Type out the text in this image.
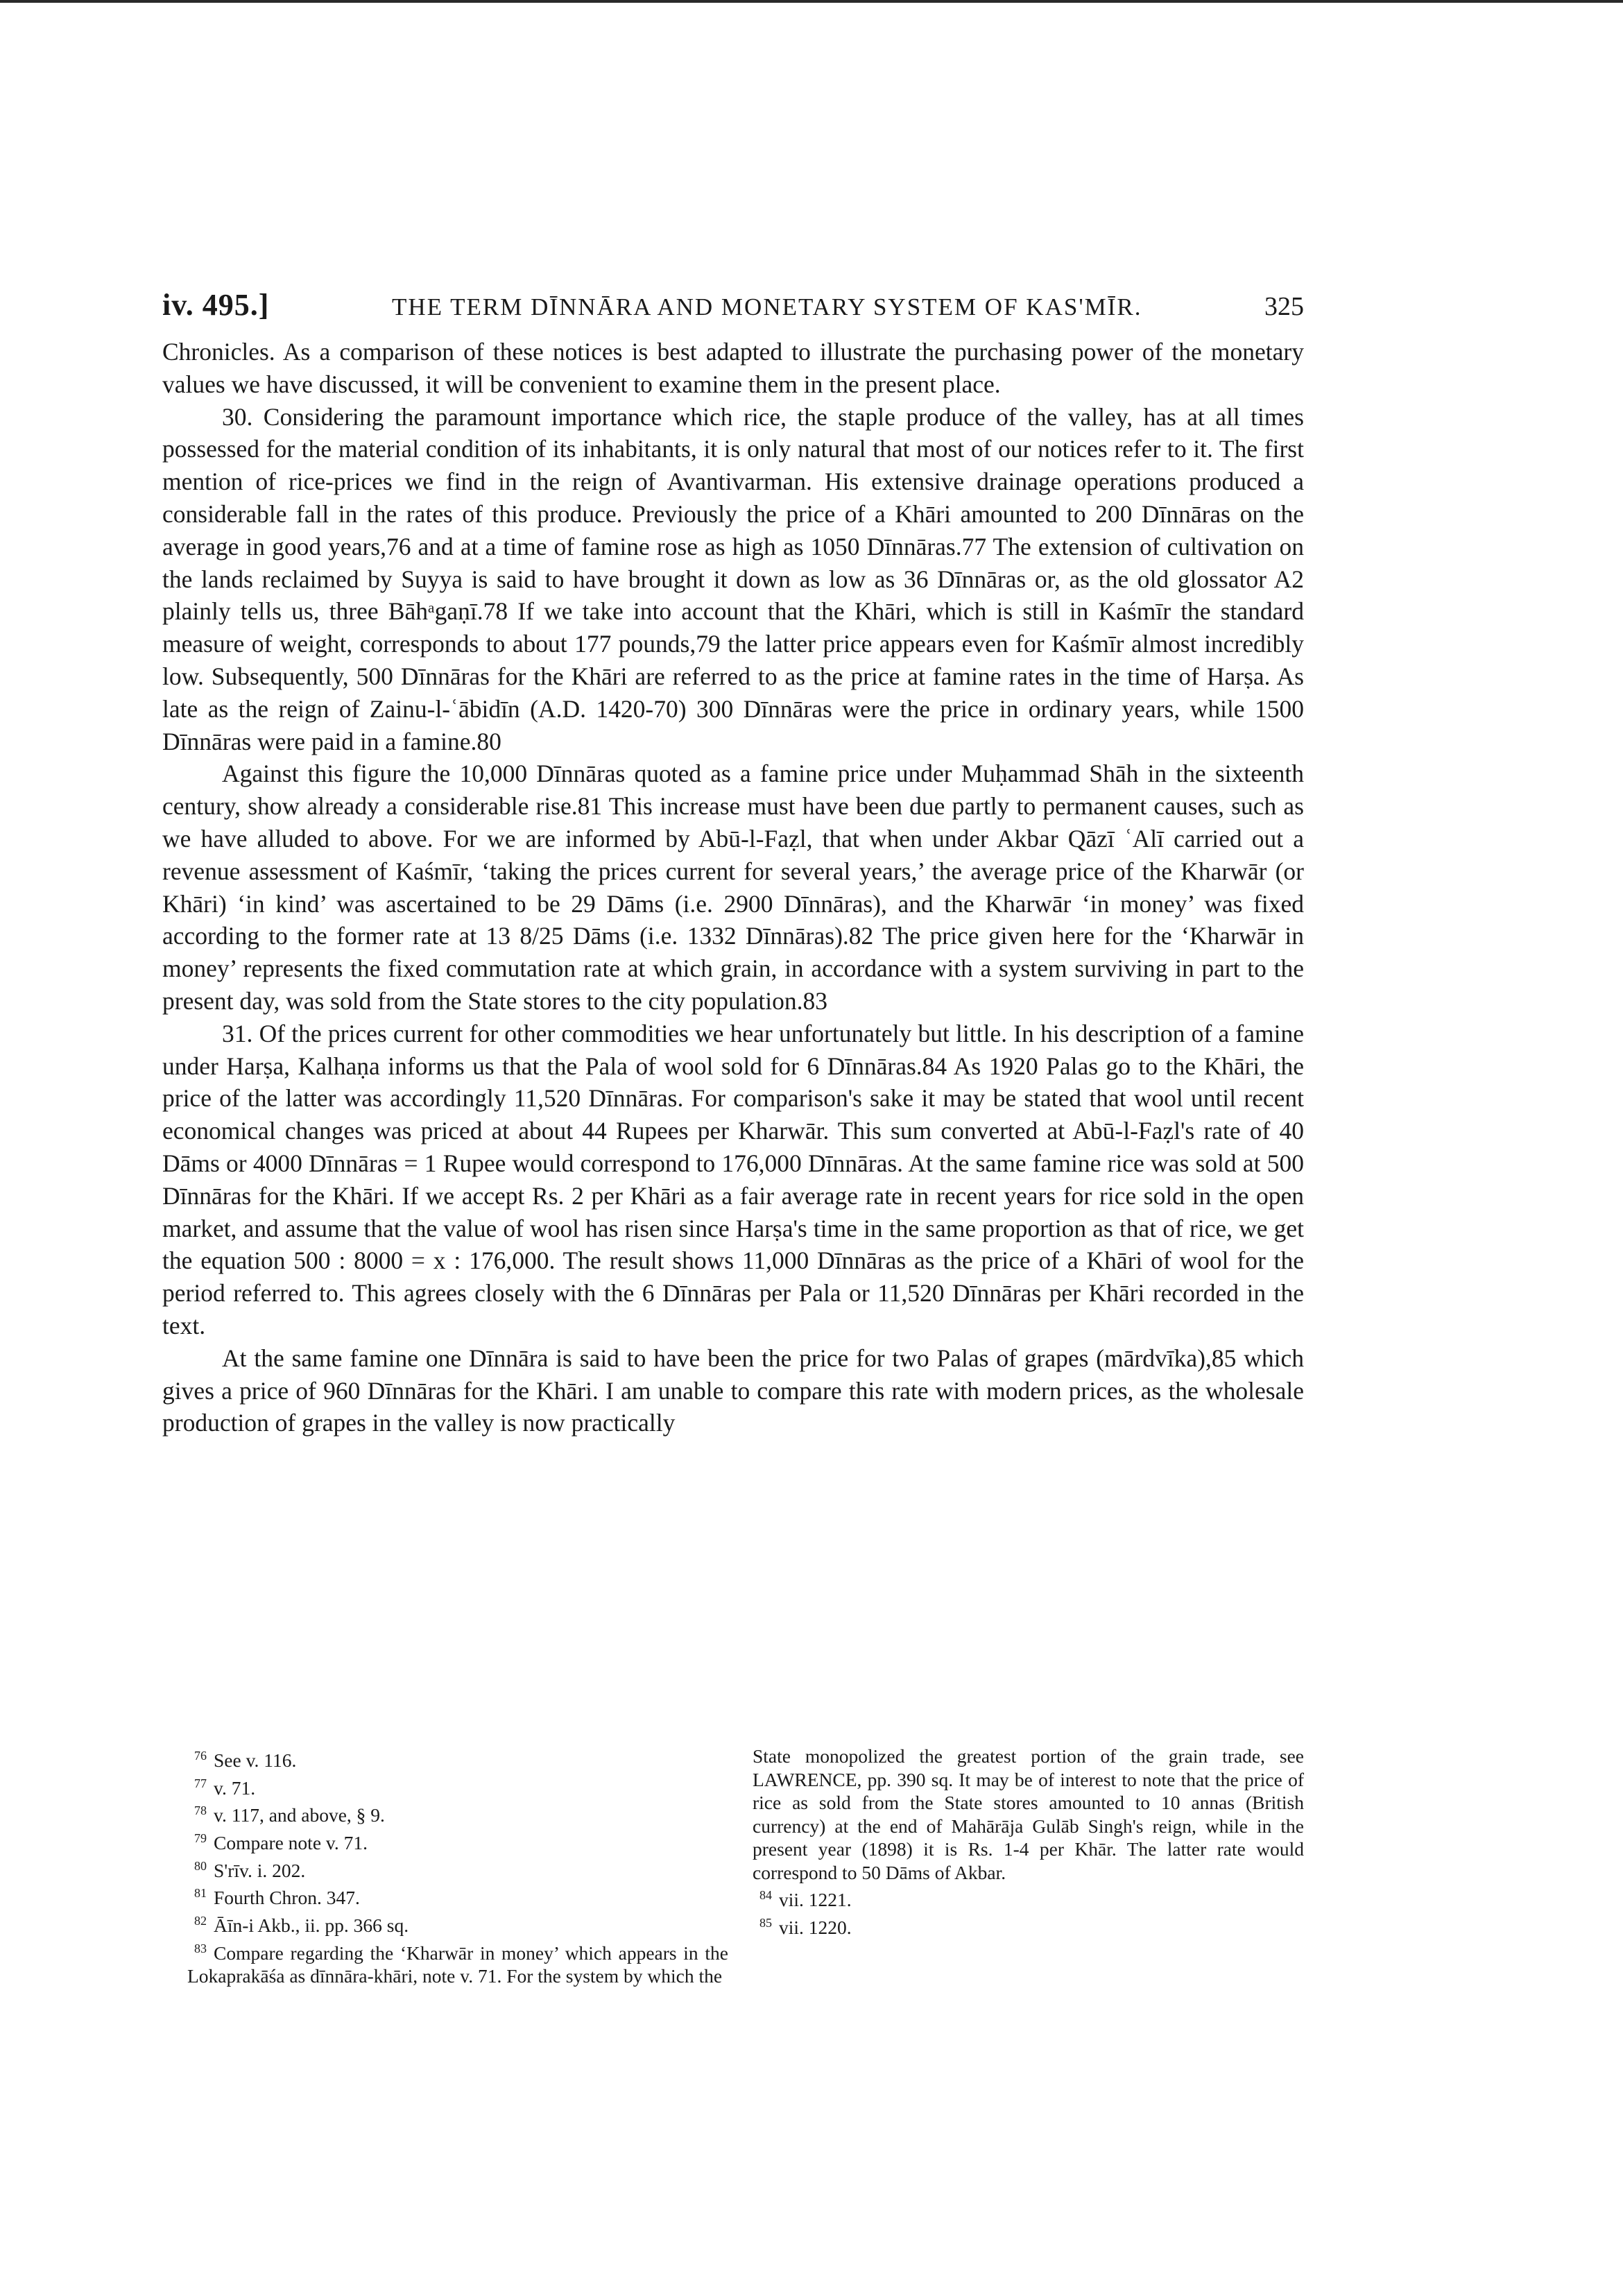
iv. 495.]	THE TERM DĪNNĀRA AND MONETARY SYSTEM OF KAS'MĪR.	325

Chronicles. As a comparison of these notices is best adapted to illustrate the purchasing power of the monetary values we have discussed, it will be convenient to examine them in the present place.

30. Considering the paramount importance which rice, the staple produce of the valley, has at all times possessed for the material condition of its inhabitants, it is only natural that most of our notices refer to it. The first mention of rice-prices we find in the reign of Avantivarman. His extensive drainage operations produced a considerable fall in the rates of this produce. Previously the price of a Khāri amounted to 200 Dīnnāras on the average in good years,76 and at a time of famine rose as high as 1050 Dīnnāras.77 The extension of cultivation on the lands reclaimed by Suyya is said to have brought it down as low as 36 Dīnnāras or, as the old glossator A2 plainly tells us, three Bāhᵃgaṇī.78 If we take into account that the Khāri, which is still in Kaśmīr the standard measure of weight, corresponds to about 177 pounds,79 the latter price appears even for Kaśmīr almost incredibly low. Subsequently, 500 Dīnnāras for the Khāri are referred to as the price at famine rates in the time of Harṣa. As late as the reign of Zainu-l-ʿābidīn (A.D. 1420-70) 300 Dīnnāras were the price in ordinary years, while 1500 Dīnnāras were paid in a famine.80

Against this figure the 10,000 Dīnnāras quoted as a famine price under Muḥammad Shāh in the sixteenth century, show already a considerable rise.81 This increase must have been due partly to permanent causes, such as we have alluded to above. For we are informed by Abū-l-Faẓl, that when under Akbar Qāzī ʿAlī carried out a revenue assessment of Kaśmīr, ‘taking the prices current for several years,’ the average price of the Kharwār (or Khāri) ‘in kind’ was ascertained to be 29 Dāms (i.e. 2900 Dīnnāras), and the Kharwār ‘in money’ was fixed according to the former rate at 13 8/25 Dāms (i.e. 1332 Dīnnāras).82 The price given here for the ‘Kharwār in money’ represents the fixed commutation rate at which grain, in accordance with a system surviving in part to the present day, was sold from the State stores to the city population.83

31. Of the prices current for other commodities we hear unfortunately but little. In his description of a famine under Harṣa, Kalhaṇa informs us that the Pala of wool sold for 6 Dīnnāras.84 As 1920 Palas go to the Khāri, the price of the latter was accordingly 11,520 Dīnnāras. For comparison's sake it may be stated that wool until recent economical changes was priced at about 44 Rupees per Kharwār. This sum converted at Abū-l-Faẓl's rate of 40 Dāms or 4000 Dīnnāras = 1 Rupee would correspond to 176,000 Dīnnāras. At the same famine rice was sold at 500 Dīnnāras for the Khāri. If we accept Rs. 2 per Khāri as a fair average rate in recent years for rice sold in the open market, and assume that the value of wool has risen since Harṣa's time in the same proportion as that of rice, we get the equation 500 : 8000 = x : 176,000. The result shows 11,000 Dīnnāras as the price of a Khāri of wool for the period referred to. This agrees closely with the 6 Dīnnāras per Pala or 11,520 Dīnnāras per Khāri recorded in the text.

At the same famine one Dīnnāra is said to have been the price for two Palas of grapes (mārdvīka),85 which gives a price of 960 Dīnnāras for the Khāri. I am unable to compare this rate with modern prices, as the wholesale production of grapes in the valley is now practically

$^{76}$ See v. 116.
$^{77}$ v. 71.
$^{78}$ v. 117, and above, § 9.
$^{79}$ Compare note v. 71.
$^{80}$ S'rīv. i. 202.
$^{81}$ Fourth Chron. 347.
$^{82}$ Āīn-i Akb., ii. pp. 366 sq.
$^{83}$ Compare regarding the ‘Kharwār in money’ which appears in the Lokaprakāśa as dīnnāra-khāri, note v. 71. For the system by which the
State monopolized the greatest portion of the grain trade, see LAWRENCE, pp. 390 sq. It may be of interest to note that the price of rice as sold from the State stores amounted to 10 annas (British currency) at the end of Mahārāja Gulāb Singh's reign, while in the present year (1898) it is Rs. 1-4 per Khār. The latter rate would correspond to 50 Dāms of Akbar.
$^{84}$ vii. 1221.
$^{85}$ vii. 1220.
